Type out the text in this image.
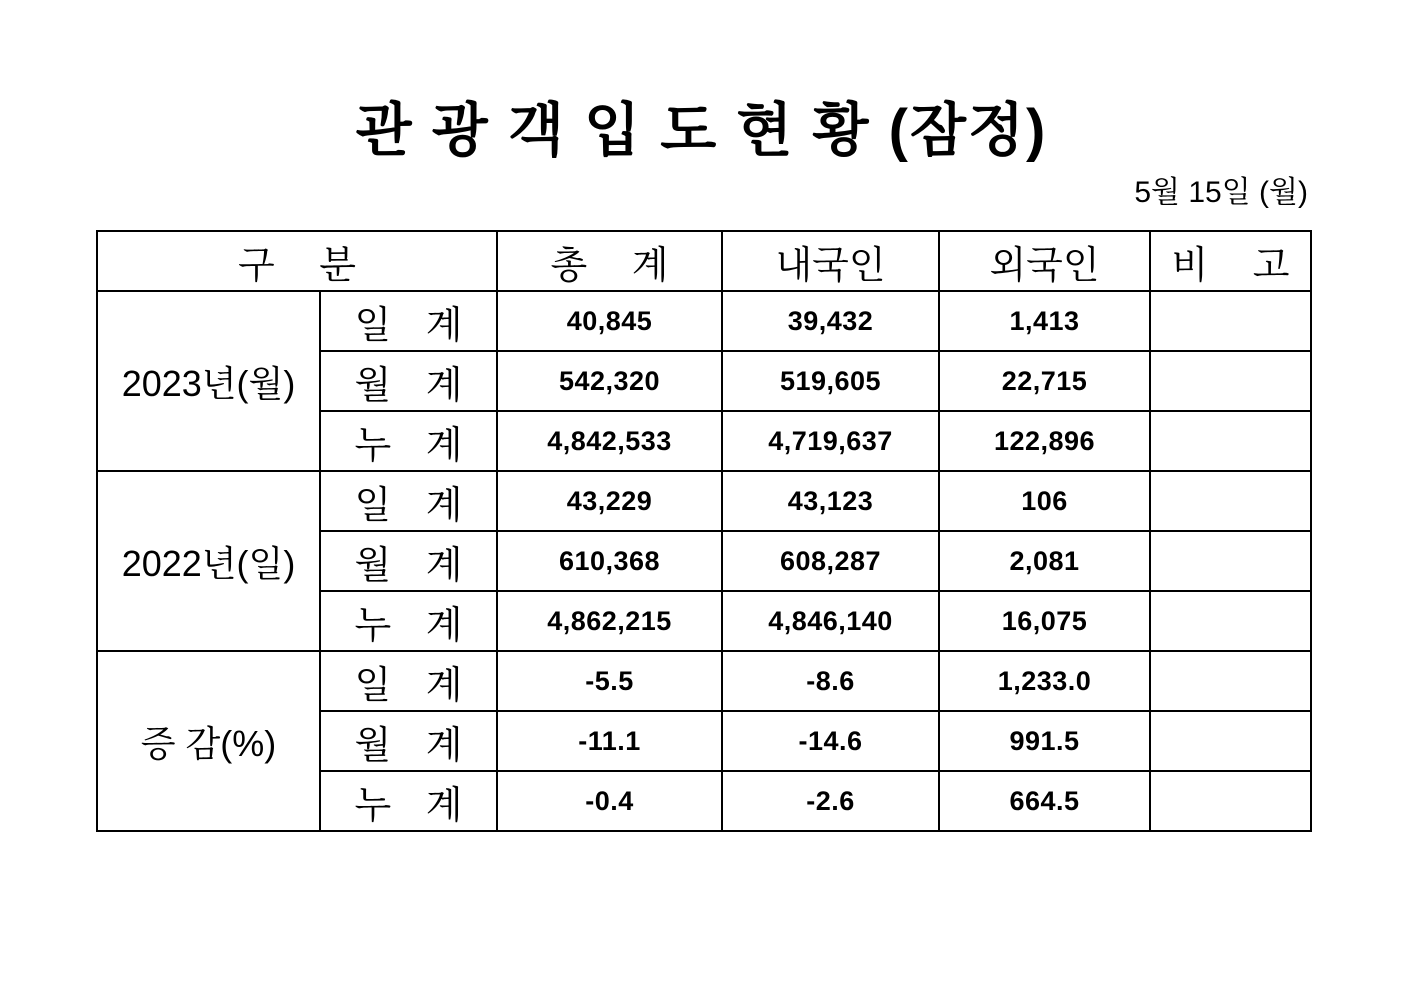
관 광 객 입 도 현 황 (잠정)
5월 15일 (월)
구 분		총 계	내국인	외국인	비 고
2023년(월)	일 계	40,845	39,432	1,413	
	월 계	542,320	519,605	22,715	
	누 계	4,842,533	4,719,637	122,896	
2022년(일)	일 계	43,229	43,123	106	
	월 계	610,368	608,287	2,081	
	누 계	4,862,215	4,846,140	16,075	
증 감(%)	일 계	-5.5	-8.6	1,233.0	
	월 계	-11.1	-14.6	991.5	
	누 계	-0.4	-2.6	664.5	
